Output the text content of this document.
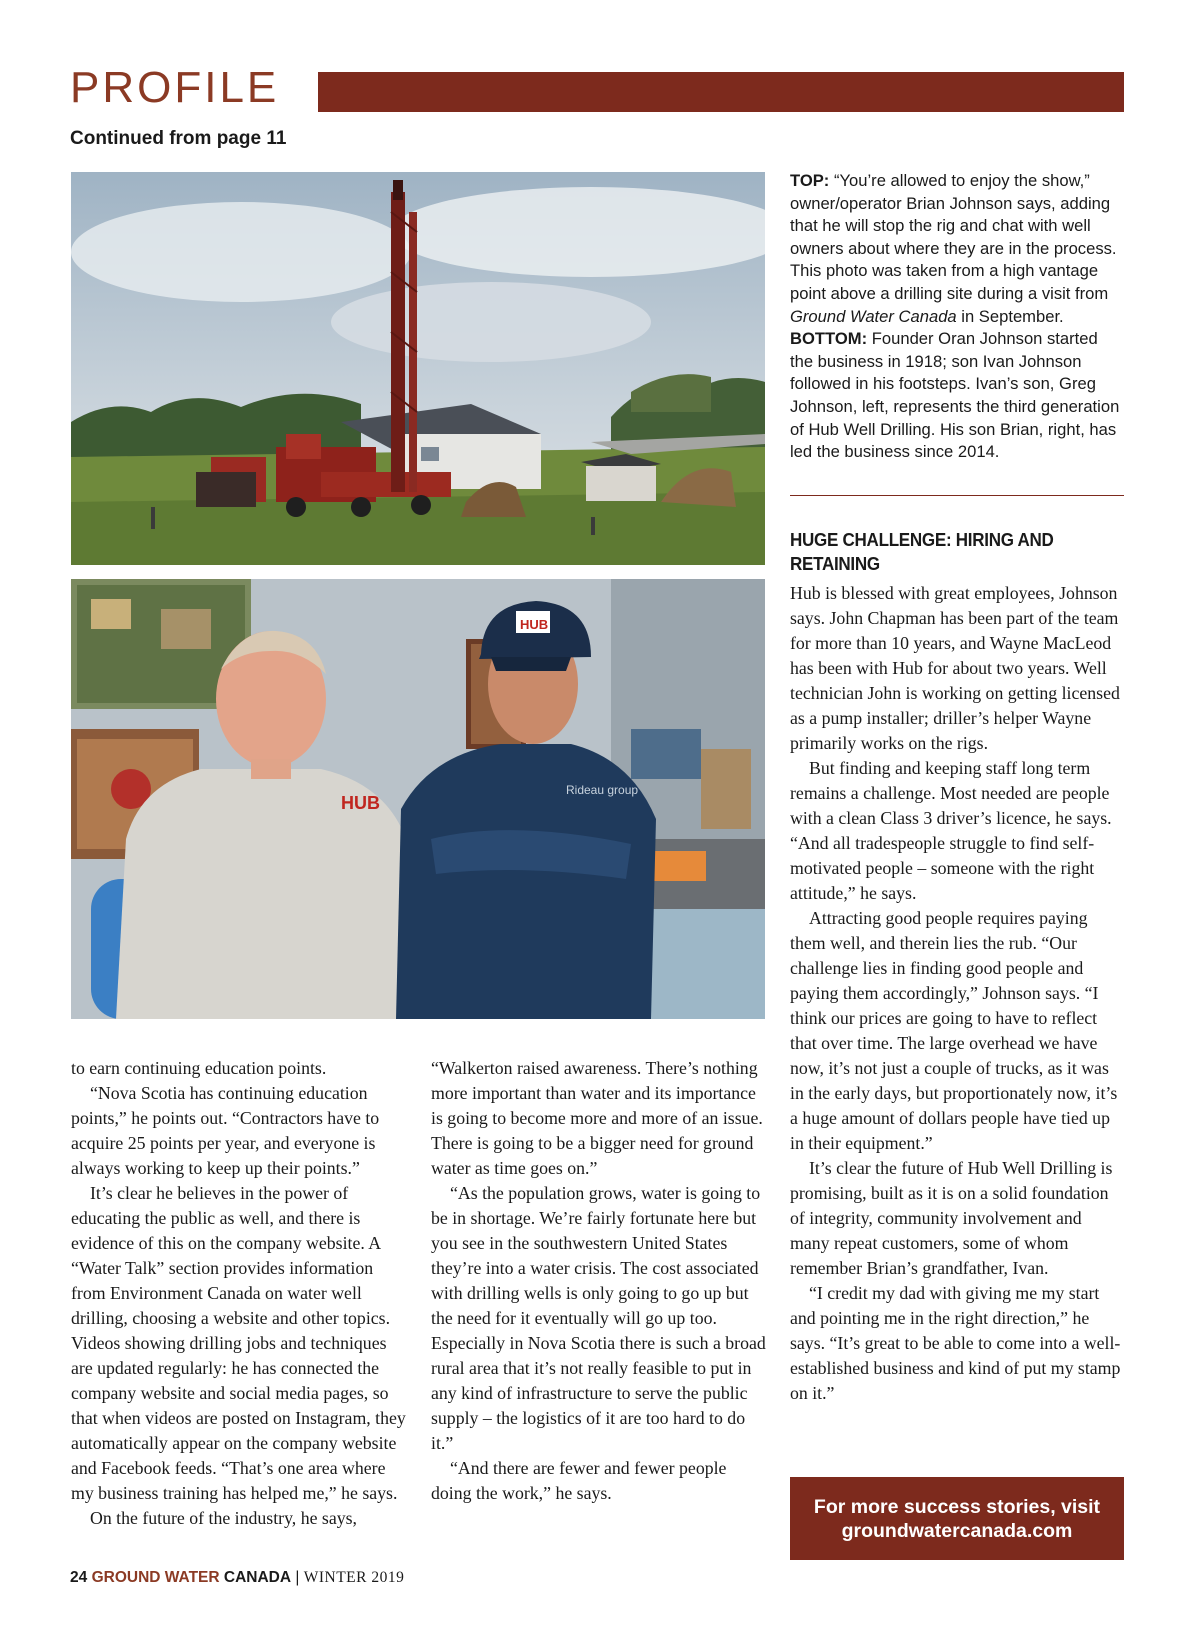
PROFILE
Continued from page 11
HUB
HUB
Rideau group
TOP: “You’re allowed to enjoy the show,” owner/operator Brian Johnson says, adding that he will stop the rig and chat with well owners about where they are in the process. This photo was taken from a high vantage point above a drilling site during a visit from Ground Water Canada in September. BOTTOM: Founder Oran Johnson started the business in 1918; son Ivan Johnson followed in his footsteps. Ivan’s son, Greg Johnson, left, represents the third generation of Hub Well Drilling. His son Brian, right, has led the business since 2014.
HUGE CHALLENGE: HIRING AND RETAINING

to earn continuing education points.

“Nova Scotia has continuing education points,” he points out. “Contractors have to acquire 25 points per year, and everyone is always working to keep up their points.”

It’s clear he believes in the power of educating the public as well, and there is evidence of this on the company website. A “Water Talk” section provides information from Environment Canada on water well drilling, choosing a website and other topics. Videos showing drilling jobs and techniques are updated regularly: he has connected the company website and social media pages, so that when videos are posted on Instagram, they automatically appear on the company website and Facebook feeds. “That’s one area where my business training has helped me,” he says.

On the future of the industry, he says,

“Walkerton raised awareness. There’s nothing more important than water and its importance is going to become more and more of an issue. There is going to be a bigger need for ground water as time goes on.”

“As the population grows, water is going to be in shortage. We’re fairly fortunate here but you see in the southwestern United States they’re into a water crisis. The cost associated with drilling wells is only going to go up but the need for it eventually will go up too. Especially in Nova Scotia there is such a broad rural area that it’s not really feasible to put in any kind of infrastructure to serve the public supply – the logistics of it are too hard to do it.”

“And there are fewer and fewer people doing the work,” he says.

Hub is blessed with great employees, Johnson says. John Chapman has been part of the team for more than 10 years, and Wayne MacLeod has been with Hub for about two years. Well technician John is working on getting licensed as a pump installer; driller’s helper Wayne primarily works on the rigs.

But finding and keeping staff long term remains a challenge. Most needed are people with a clean Class 3 driver’s licence, he says. “And all tradespeople struggle to find self-motivated people – someone with the right attitude,” he says.

Attracting good people requires paying them well, and therein lies the rub. “Our challenge lies in finding good people and paying them accordingly,” Johnson says. “I think our prices are going to have to reflect that over time. The large overhead we have now, it’s not just a couple of trucks, as it was in the early days, but proportionately now, it’s a huge amount of dollars people have tied up in their equipment.”

It’s clear the future of Hub Well Drilling is promising, built as it is on a solid foundation of integrity, community involvement and many repeat customers, some of whom remember Brian’s grandfather, Ivan.

“I credit my dad with giving me my start and pointing me in the right direction,” he says. “It’s great to be able to come into a well-established business and kind of put my stamp on it.”

For more success stories, visit
groundwatercanada.com
24 GROUND WATER CANADA | WINTER 2019
